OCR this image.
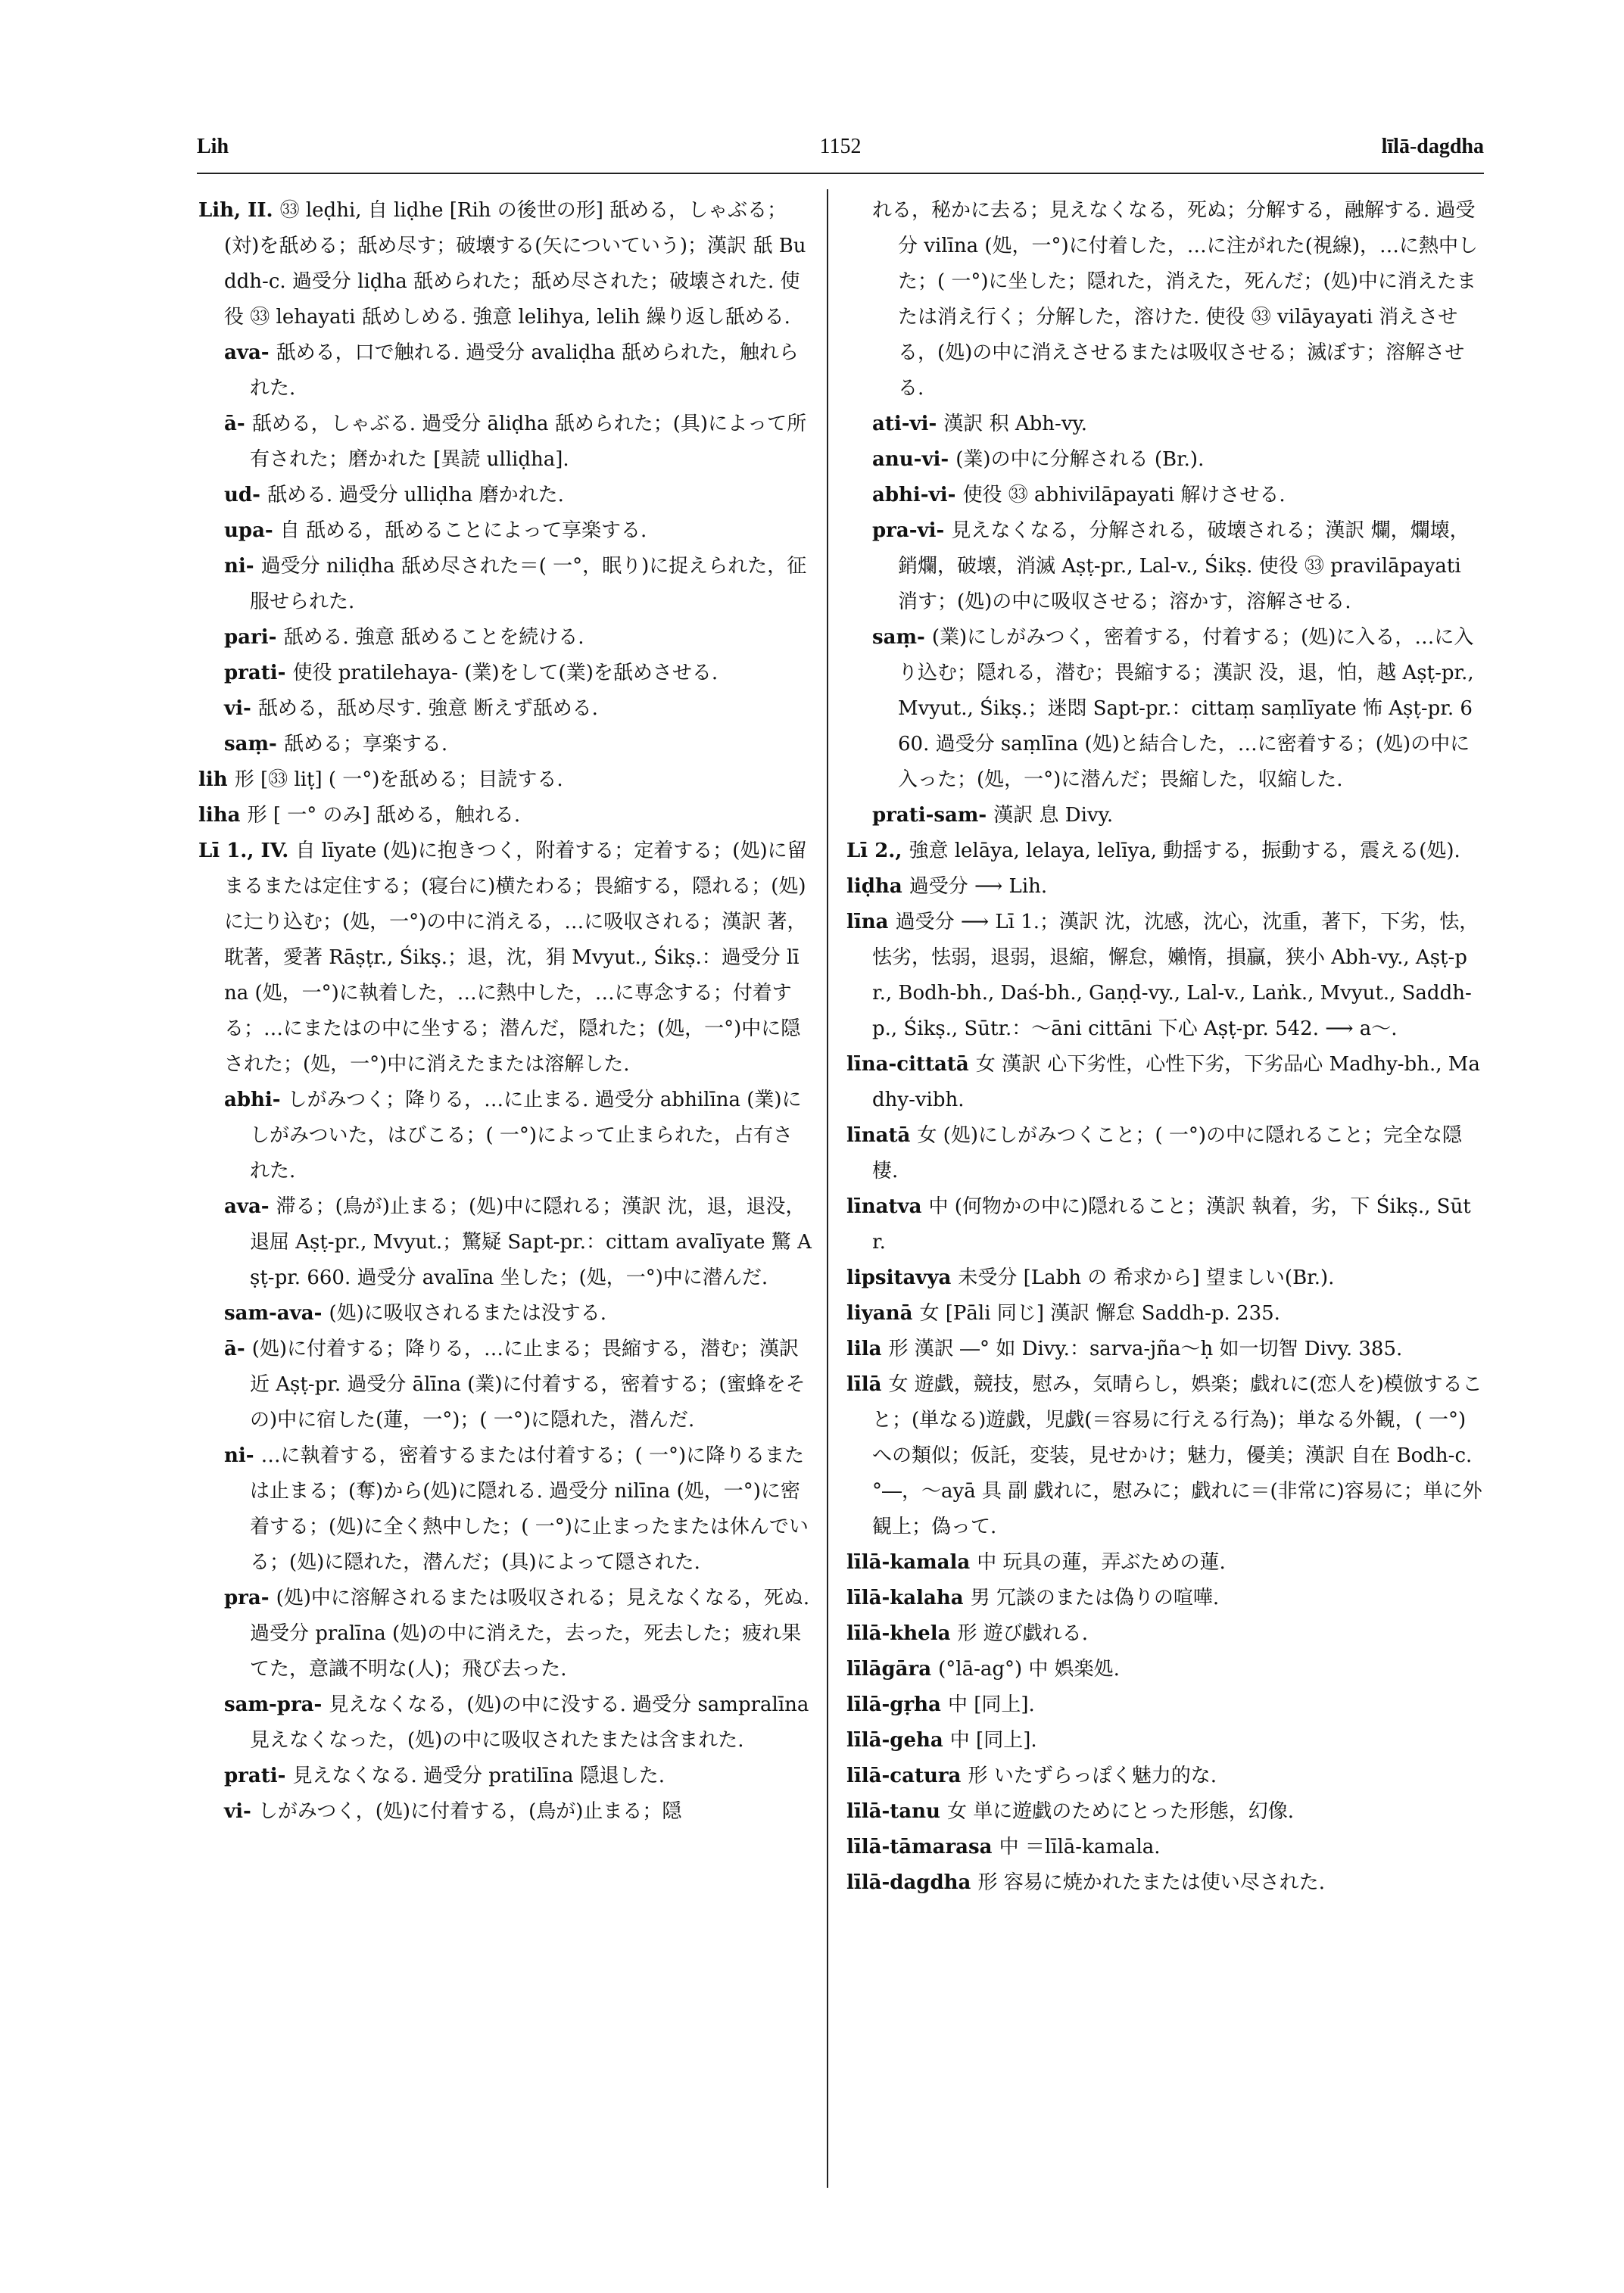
Lih	1152	līlā-dagdha

Lih, II. ㉝ leḍhi, 自 liḍhe [Rih の後世の形] 舐める，しゃぶる；(対)を舐める；舐め尽す；破壊する(矢についていう)；漢訳 舐 Buddh-c. 過受分 liḍha 舐められた；舐め尽された；破壊された. 使役 ㉝ lehayati 舐めしめる. 強意 lelihya, lelih 繰り返し舐める.

ava- 舐める，口で触れる. 過受分 avaliḍha 舐められた，触れられた.

ā- 舐める，しゃぶる. 過受分 āliḍha 舐められた；(具)によって所有された；磨かれた [異読 ulliḍha].

ud- 舐める. 過受分 ulliḍha 磨かれた.

upa- 自 舐める，舐めることによって享楽する.

ni- 過受分 niliḍha 舐め尽された＝( 一°，眠り)に捉えられた，征服せられた.

pari- 舐める. 強意 舐めることを続ける.

prati- 使役 pratilehaya- (業)をして(業)を舐めさせる.

vi- 舐める，舐め尽す. 強意 断えず舐める.

saṃ- 舐める；享楽する.

lih 形 [㉝ liṭ] ( 一°)を舐める；目読する.

liha 形 [ 一° のみ] 舐める，触れる.

Lī 1., IV. 自 līyate (処)に抱きつく，附着する；定着する；(処)に留まるまたは定住する；(寝台に)横たわる；畏縮する，隠れる；(処)に辷り込む；(処，一°)の中に消える，…に吸収される；漢訳 著，耽著，愛著 Rāṣṭr., Śikṣ.；退，沈，狷 Mvyut., Śikṣ.：過受分 līna (処，一°)に執着した，…に熱中した，…に専念する；付着する；…にまたはの中に坐する；潜んだ，隠れた；(処，一°)中に隠された；(処，一°)中に消えたまたは溶解した.

abhi- しがみつく；降りる，…に止まる. 過受分 abhilīna (業)にしがみついた，はびこる；( 一°)によって止まられた，占有された.

ava- 滞る；(鳥が)止まる；(処)中に隠れる；漢訳 沈，退，退没，退屈 Aṣṭ-pr., Mvyut.；驚疑 Sapt-pr.：cittam avalīyate 驚 Aṣṭ-pr. 660. 過受分 avalīna 坐した；(処，一°)中に潜んだ.

sam-ava- (処)に吸収されるまたは没する.

ā- (処)に付着する；降りる，…に止まる；畏縮する，潜む；漢訳 近 Aṣṭ-pr. 過受分 ālīna (業)に付着する，密着する；(蜜蜂をその)中に宿した(蓮，一°)；( 一°)に隠れた，潜んだ.

ni- …に執着する，密着するまたは付着する；( 一°)に降りるまたは止まる；(奪)から(処)に隠れる. 過受分 nilīna (処，一°)に密着する；(処)に全く熱中した；( 一°)に止まったまたは休んでいる；(処)に隠れた，潜んだ；(具)によって隠された.

pra- (処)中に溶解されるまたは吸収される；見えなくなる，死ぬ. 過受分 pralīna (処)の中に消えた，去った，死去した；疲れ果てた，意識不明な(人)；飛び去った.

sam-pra- 見えなくなる，(処)の中に没する. 過受分 sampralīna 見えなくなった，(処)の中に吸収されたまたは含まれた.

prati- 見えなくなる. 過受分 pratilīna 隠退した.

vi- しがみつく，(処)に付着する，(鳥が)止まる；隠

れる，秘かに去る；見えなくなる，死ぬ；分解する，融解する. 過受分 vilīna (処，一°)に付着した，…に注がれた(視線)，…に熱中した；( 一°)に坐した；隠れた，消えた，死んだ；(処)中に消えたまたは消え行く；分解した，溶けた. 使役 ㉝ vilāyayati 消えさせる，(処)の中に消えさせるまたは吸収させる；滅ぼす；溶解させる.

ati-vi- 漢訳 积 Abh-vy.

anu-vi- (業)の中に分解される (Br.).

abhi-vi- 使役 ㉝ abhivilāpayati 解けさせる.

pra-vi- 見えなくなる，分解される，破壊される；漢訳 爛，爛壊，銷爛，破壊，消滅 Aṣṭ-pr., Lal-v., Śikṣ. 使役 ㉝ pravilāpayati 消す；(処)の中に吸収させる；溶かす，溶解させる.

saṃ- (業)にしがみつく，密着する，付着する；(処)に入る，…に入り込む；隠れる，潜む；畏縮する；漢訳 没，退，怕，越 Aṣṭ-pr., Mvyut., Śikṣ.；迷悶 Sapt-pr.：cittaṃ saṃlīyate 怖 Aṣṭ-pr. 660. 過受分 saṃlīna (処)と結合した，…に密着する；(処)の中に入った；(処，一°)に潜んだ；畏縮した，収縮した.

prati-sam- 漢訳 息 Divy.

Lī 2., 強意 lelāya, lelaya, lelīya, 動揺する，振動する，震える(処).

liḍha 過受分 ⟶ Lih.

līna 過受分 ⟶ Lī 1.；漢訳 沈，沈感，沈心，沈重，著下，下劣，怯，怯劣，怯弱，退弱，退縮，懈怠，嬾惰，損贏，狭小 Abh-vy., Aṣṭ-pr., Bodh-bh., Daś-bh., Gaṇḍ-vy., Lal-v., Laṅk., Mvyut., Saddh-p., Śikṣ., Sūtr.：～āni cittāni 下心 Aṣṭ-pr. 542. ⟶ a～.

līna-cittatā 女 漢訳 心下劣性，心性下劣，下劣品心 Madhy-bh., Madhy-vibh.

līnatā 女 (処)にしがみつくこと；( 一°)の中に隠れること；完全な隠棲.

līnatva 中 (何物かの中に)隠れること；漢訳 執着，劣，下 Śikṣ., Sūtr.

lipsitavya 未受分 [Labh の 希求から] 望ましい(Br.).

liyanā 女 [Pāli 同じ] 漢訳 懈怠 Saddh-p. 235.

lila 形 漢訳 ―° 如 Divy.：sarva-jña～ḥ 如一切智 Divy. 385.

līlā 女 遊戯，競技，慰み，気晴らし，娯楽；戯れに(恋人を)模倣すること；(単なる)遊戯，児戯(＝容易に行える行為)；単なる外観，( 一°)への類似；仮託，変装，見せかけ；魅力，優美；漢訳 自在 Bodh-c. °―，～ayā 具 副 戯れに，慰みに；戯れに＝(非常に)容易に；単に外観上；偽って.

līlā-kamala 中 玩具の蓮，弄ぶための蓮.

līlā-kalaha 男 冗談のまたは偽りの喧嘩.

līlā-khela 形 遊び戯れる.

līlāgāra (°lā-ag°) 中 娯楽処.

līlā-gṛha 中 [同上].

līlā-geha 中 [同上].

līlā-catura 形 いたずらっぽく魅力的な.

līlā-tanu 女 単に遊戯のためにとった形態，幻像.

līlā-tāmarasa 中 ＝līlā-kamala.

līlā-dagdha 形 容易に焼かれたまたは使い尽された.
